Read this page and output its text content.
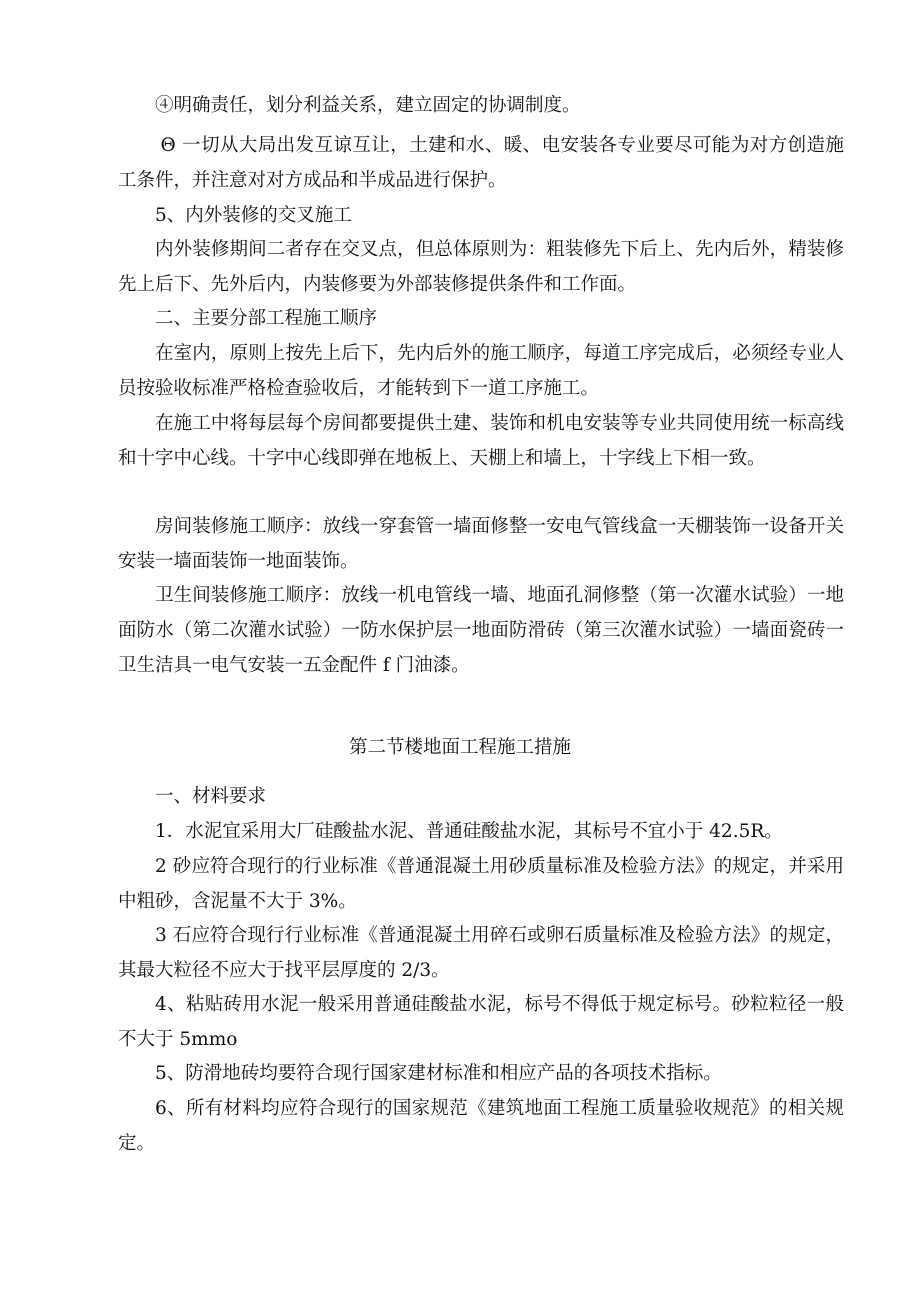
④明确责任，划分利益关系，建立固定的协调制度。

Θ 一切从大局出发互谅互让，土建和水、暖、电安装各专业要尽可能为对方创造施工条件，并注意对对方成品和半成品进行保护。

5、内外装修的交叉施工

内外装修期间二者存在交叉点，但总体原则为：粗装修先下后上、先内后外，精装修先上后下、先外后内，内装修要为外部装修提供条件和工作面。

二、主要分部工程施工顺序

在室内，原则上按先上后下，先内后外的施工顺序，每道工序完成后，必须经专业人员按验收标准严格检查验收后，才能转到下一道工序施工。

在施工中将每层每个房间都要提供土建、装饰和机电安装等专业共同使用统一标高线和十字中心线。十字中心线即弹在地板上、天棚上和墙上，十字线上下相一致。

房间装修施工顺序：放线一穿套管一墙面修整一安电气管线盒一天棚装饰一设备开关安装一墙面装饰一地面装饰。

卫生间装修施工顺序：放线一机电管线一墙、地面孔洞修整（第一次灌水试验）一地面防水（第二次灌水试验）一防水保护层一地面防滑砖（第三次灌水试验）一墙面瓷砖一卫生洁具一电气安装一五金配件 f 门油漆。

第二节楼地面工程施工措施

一、材料要求

1．水泥宜采用大厂硅酸盐水泥、普通硅酸盐水泥，其标号不宜小于 42.5R。

2 砂应符合现行的行业标准《普通混凝土用砂质量标准及检验方法》的规定，并采用中粗砂，含泥量不大于 3%。

3 石应符合现行行业标准《普通混凝土用碎石或卵石质量标准及检验方法》的规定，其最大粒径不应大于找平层厚度的 2/3。

4、粘贴砖用水泥一般采用普通硅酸盐水泥，标号不得低于规定标号。砂粒粒径一般不大于 5mmo

5、防滑地砖均要符合现行国家建材标准和相应产品的各项技术指标。

6、所有材料均应符合现行的国家规范《建筑地面工程施工质量验收规范》的相关规定。
